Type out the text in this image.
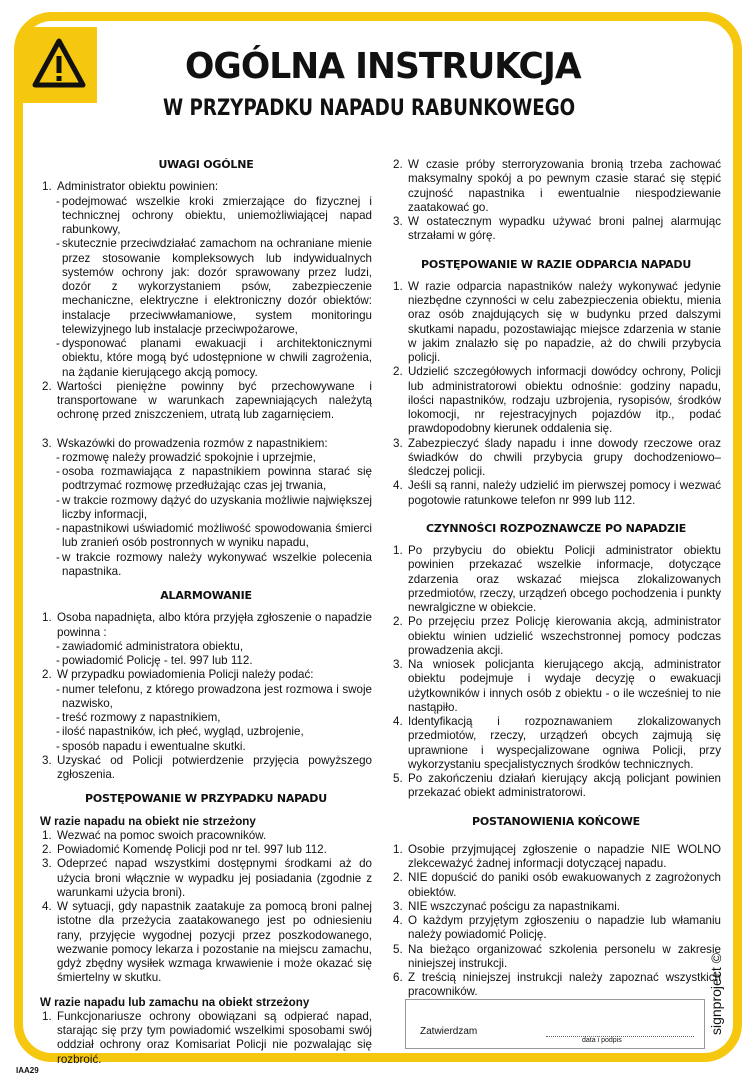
OGÓLNA INSTRUKCJA
W PRZYPADKU NAPADU RABUNKOWEGO
UWAGI OGÓLNE
1. Administrator obiektu powinien:
- podejmować wszelkie kroki zmierzające do fizycznej i technicznej ochrony obiektu, uniemożliwiającej napad rabunkowy,
- skutecznie przeciwdziałać zamachom na ochraniane mienie przez stosowanie kompleksowych lub indywidualnych systemów ochrony jak: dozór sprawowany przez ludzi, dozór z wykorzystaniem psów, zabezpieczenie mechaniczne, elektryczne i elektroniczny dozór obiektów: instalacje przeciwwłamaniowe, system monitoringu telewizyjnego lub instalacje przeciwpożarowe,
- dysponować planami ewakuacji i architektonicznymi obiektu, które mogą być udostępnione w chwili zagrożenia, na żądanie kierującego akcją pomocy.
2. Wartości pieniężne powinny być przechowywane i transportowane w warunkach zapewniających należytą ochronę przed zniszczeniem, utratą lub zagarnięciem.
3. Wskazówki do prowadzenia rozmów z napastnikiem:
- rozmowę należy prowadzić spokojnie i uprzejmie,
- osoba rozmawiająca z napastnikiem powinna starać się podtrzymać rozmowę przedłużając czas jej trwania,
- w trakcie rozmowy dążyć do uzyskania możliwie największej liczby informacji,
- napastnikowi uświadomić możliwość spowodowania śmierci lub zranień osób postronnych w wyniku napadu,
- w trakcie rozmowy należy wykonywać wszelkie polecenia napastnika.
ALARMOWANIE
1. Osoba napadnięta, albo która przyjęła zgłoszenie o napadzie powinna :
- zawiadomić administratora obiektu,
- powiadomić Policję - tel. 997 lub 112.
2. W przypadku powiadomienia Policji należy podać:
- numer telefonu, z którego prowadzona jest rozmowa i swoje nazwisko,
- treść rozmowy z napastnikiem,
- ilość napastników, ich płeć, wygląd, uzbrojenie,
- sposób napadu i ewentualne skutki.
3. Uzyskać od Policji potwierdzenie przyjęcia powyższego zgłoszenia.
POSTĘPOWANIE W PRZYPADKU NAPADU
W razie napadu na obiekt nie strzeżony
1. Wezwać na pomoc swoich pracowników.
2. Powiadomić Komendę Policji pod nr tel. 997 lub 112.
3. Odeprzeć napad wszystkimi dostępnymi środkami aż do użycia broni włącznie w wypadku jej posiadania (zgodnie z warunkami użycia broni).
4. W sytuacji, gdy napastnik zaatakuje za pomocą broni palnej istotne dla przeżycia zaatakowanego jest po odniesieniu rany, przyjęcie wygodnej pozycji przez poszkodowanego, wezwanie pomocy lekarza i pozostanie na miejscu zamachu, gdyż zbędny wysiłek wzmaga krwawienie i może okazać się śmiertelny w skutku.
W razie napadu lub zamachu na obiekt strzeżony
1. Funkcjonariusze ochrony obowiązani są odpierać napad, starając się przy tym powiadomić wszelkimi sposobami swój oddział ochrony oraz Komisariat Policji nie pozwalając się rozbroić.
2. W czasie próby sterroryzowania bronią trzeba zachować maksymalny spokój a po pewnym czasie starać się stępić czujność napastnika i ewentualnie niespodziewanie zaatakować go.
3. W ostatecznym wypadku używać broni palnej alarmując strzałami w górę.
POSTĘPOWANIE W RAZIE ODPARCIA NAPADU
1. W razie odparcia napastników należy wykonywać jedynie niezbędne czynności w celu zabezpieczenia obiektu, mienia oraz osób znajdujących się w budynku przed dalszymi skutkami napadu, pozostawiając miejsce zdarzenia w stanie w jakim znalazło się po napadzie, aż do chwili przybycia policji.
2. Udzielić szczegółowych informacji dowódcy ochrony, Policji lub administratorowi obiektu odnośnie: godziny napadu, ilości napastników, rodzaju uzbrojenia, rysopisów, środków lokomocji, nr rejestracyjnych pojazdów itp., podać prawdopodobny kierunek oddalenia się.
3. Zabezpieczyć ślady napadu i inne dowody rzeczowe oraz świadków do chwili przybycia grupy dochodzeniowo–śledczej policji.
4. Jeśli są ranni, należy udzielić im pierwszej pomocy i wezwać pogotowie ratunkowe telefon nr 999 lub 112.
CZYNNOŚCI ROZPOZNAWCZE PO NAPADZIE
1. Po przybyciu do obiektu Policji administrator obiektu powinien przekazać wszelkie informacje, dotyczące zdarzenia oraz wskazać miejsca zlokalizowanych przedmiotów, rzeczy, urządzeń obcego pochodzenia i punkty newralgiczne w obiekcie.
2. Po przejęciu przez Policję kierowania akcją, administrator obiektu winien udzielić wszechstronnej pomocy podczas prowadzenia akcji.
3. Na wniosek policjanta kierującego akcją, administrator obiektu podejmuje i wydaje decyzję o ewakuacji użytkowników i innych osób z obiektu - o ile wcześniej to nie nastąpiło.
4. Identyfikacją i rozpoznawaniem zlokalizowanych przedmiotów, rzeczy, urządzeń obcych zajmują się uprawnione i wyspecjalizowane ogniwa Policji, przy wykorzystaniu specjalistycznych środków technicznych.
5. Po zakończeniu działań kierujący akcją policjant powinien przekazać obiekt administratorowi.
POSTANOWIENIA KOŃCOWE
1. Osobie przyjmującej zgłoszenie o napadzie NIE WOLNO zlekceważyć żadnej informacji dotyczącej napadu.
2. NIE dopuścić do paniki osób ewakuowanych z zagrożonych obiektów.
3. NIE wszczynać pościgu za napastnikami.
4. O każdym przyjętym zgłoszeniu o napadzie lub włamaniu należy powiadomić Policję.
5. Na bieżąco organizować szkolenia personelu w zakresie niniejszej instrukcji.
6. Z treścią niniejszej instrukcji należy zapoznać wszystkich pracowników.
Zatwierdzam
data i podpis
signproject ©
IAA29
